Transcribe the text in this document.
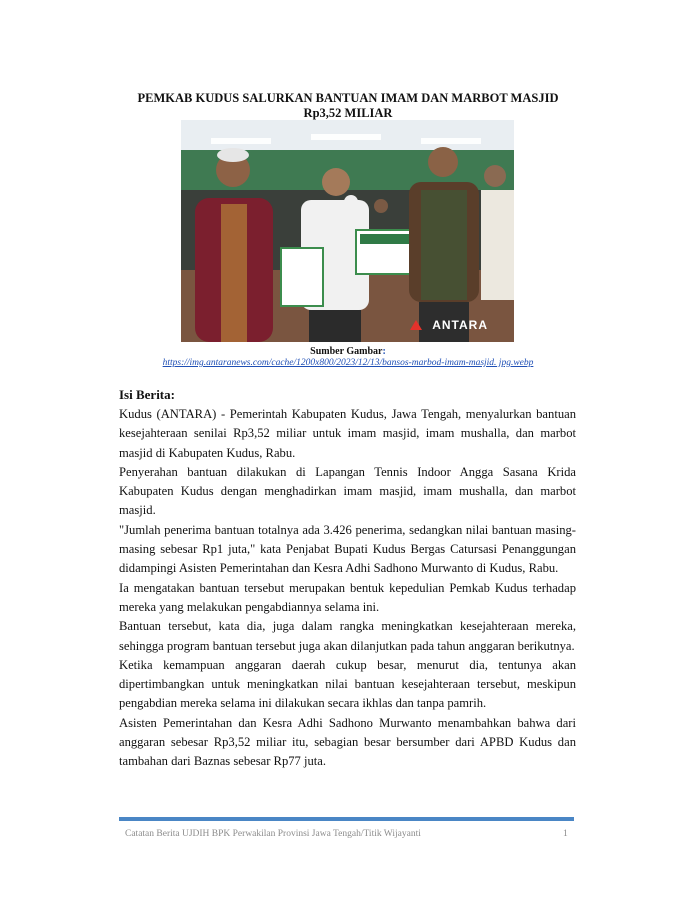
PEMKAB KUDUS SALURKAN BANTUAN IMAM DAN MARBOT MASJID
Rp3,52 MILIAR
ANTARA
Sumber Gambar:
https://img.antaranews.com/cache/1200x800/2023/12/13/bansos-marbod-imam-masjid. jpg.webp
Isi Berita:

Kudus (ANTARA) - Pemerintah Kabupaten Kudus, Jawa Tengah, menyalurkan bantuan kesejahteraan senilai Rp3,52 miliar untuk imam masjid, imam mushalla, dan marbot masjid di Kabupaten Kudus, Rabu.

Penyerahan bantuan dilakukan di Lapangan Tennis Indoor Angga Sasana Krida Kabupaten Kudus dengan menghadirkan imam masjid, imam mushalla, dan marbot masjid.

"Jumlah penerima bantuan totalnya ada 3.426 penerima, sedangkan nilai bantuan masing-masing sebesar Rp1 juta," kata Penjabat Bupati Kudus Bergas Catursasi Penanggungan didampingi Asisten Pemerintahan dan Kesra Adhi Sadhono Murwanto di Kudus, Rabu.

Ia mengatakan bantuan tersebut merupakan bentuk kepedulian Pemkab Kudus terhadap mereka yang melakukan pengabdiannya selama ini.

Bantuan tersebut, kata dia, juga dalam rangka meningkatkan kesejahteraan mereka, sehingga program bantuan tersebut juga akan dilanjutkan pada tahun anggaran berikutnya.

Ketika kemampuan anggaran daerah cukup besar, menurut dia, tentunya akan dipertimbangkan untuk meningkatkan nilai bantuan kesejahteraan tersebut, meskipun pengabdian mereka selama ini dilakukan secara ikhlas dan tanpa pamrih.

Asisten Pemerintahan dan Kesra Adhi Sadhono Murwanto menambahkan bahwa dari anggaran sebesar Rp3,52 miliar itu, sebagian besar bersumber dari APBD Kudus dan tambahan dari Baznas sebesar Rp77 juta.

Catatan Berita UJDIH BPK Perwakilan Provinsi Jawa Tengah/Titik Wijayanti	1
